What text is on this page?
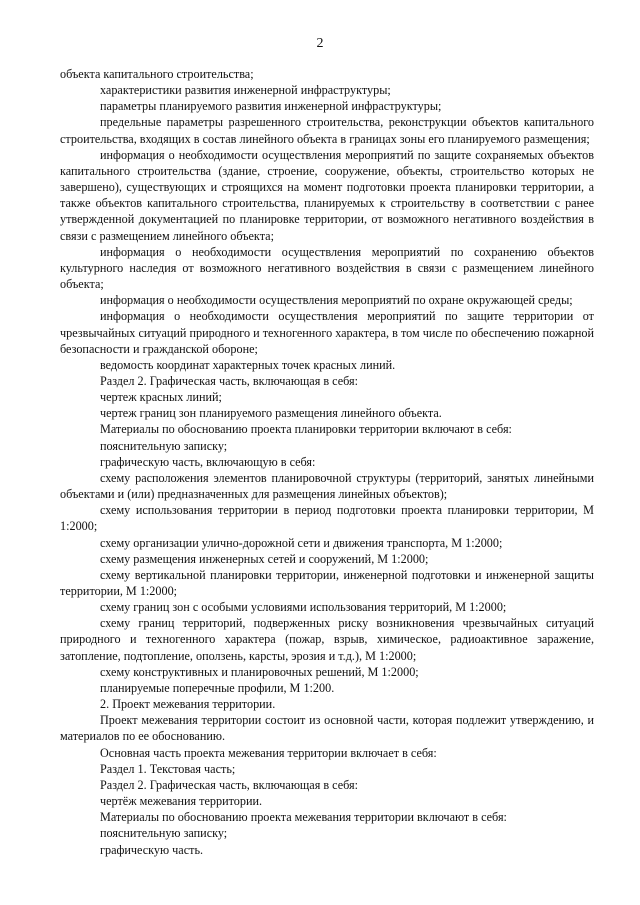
2

объекта капитального строительства;

характеристики развития инженерной инфраструктуры;

параметры планируемого развития инженерной инфраструктуры;

предельные параметры разрешенного строительства, реконструкции объектов капитального строительства, входящих в состав линейного объекта в границах зоны его планируемого размещения;

информация о необходимости осуществления мероприятий по защите сохраняемых объектов капитального строительства (здание, строение, сооружение, объекты, строительство которых не завершено), существующих и строящихся на момент подготовки проекта планировки территории, а также объектов капитального строительства, планируемых к строительству в соответствии с ранее утвержденной документацией по планировке территории, от возможного негативного воздействия в связи с размещением линейного объекта;

информация о необходимости осуществления мероприятий по сохранению объектов культурного наследия от возможного негативного воздействия в связи с размещением линейного объекта;

информация о необходимости осуществления мероприятий по охране окружающей среды;

информация о необходимости осуществления мероприятий по защите территории от чрезвычайных ситуаций природного и техногенного характера, в том числе по обеспечению пожарной безопасности и гражданской обороне;

ведомость координат характерных точек красных линий.

Раздел 2. Графическая часть, включающая в себя:

чертеж красных линий;

чертеж границ зон планируемого размещения линейного объекта.

Материалы по обоснованию проекта планировки территории включают в себя:

пояснительную записку;

графическую часть, включающую в себя:

схему расположения элементов планировочной структуры (территорий, занятых линейными объектами и (или) предназначенных для размещения линейных объектов);

схему использования территории в период подготовки проекта планировки территории, М 1:2000;

схему организации улично-дорожной сети и движения транспорта, М 1:2000;

схему размещения инженерных сетей и сооружений, М 1:2000;

схему вертикальной планировки территории, инженерной подготовки и инженерной защиты территории, М 1:2000;

схему границ зон с особыми условиями использования территорий, М 1:2000;

схему границ территорий, подверженных риску возникновения чрезвычайных ситуаций природного и техногенного характера (пожар, взрыв, химическое, радиоактивное заражение, затопление, подтопление, оползень, карсты, эрозия и т.д.), М 1:2000;

схему конструктивных и планировочных решений, М 1:2000;

планируемые поперечные профили, М 1:200.

2. Проект межевания территории.

Проект межевания территории состоит из основной части, которая подлежит утверждению, и материалов по ее обоснованию.

Основная часть проекта межевания территории включает в себя:

Раздел 1. Текстовая часть;

Раздел 2. Графическая часть, включающая в себя:

чертёж межевания территории.

Материалы по обоснованию проекта межевания территории включают в себя:

пояснительную записку;

графическую часть.
